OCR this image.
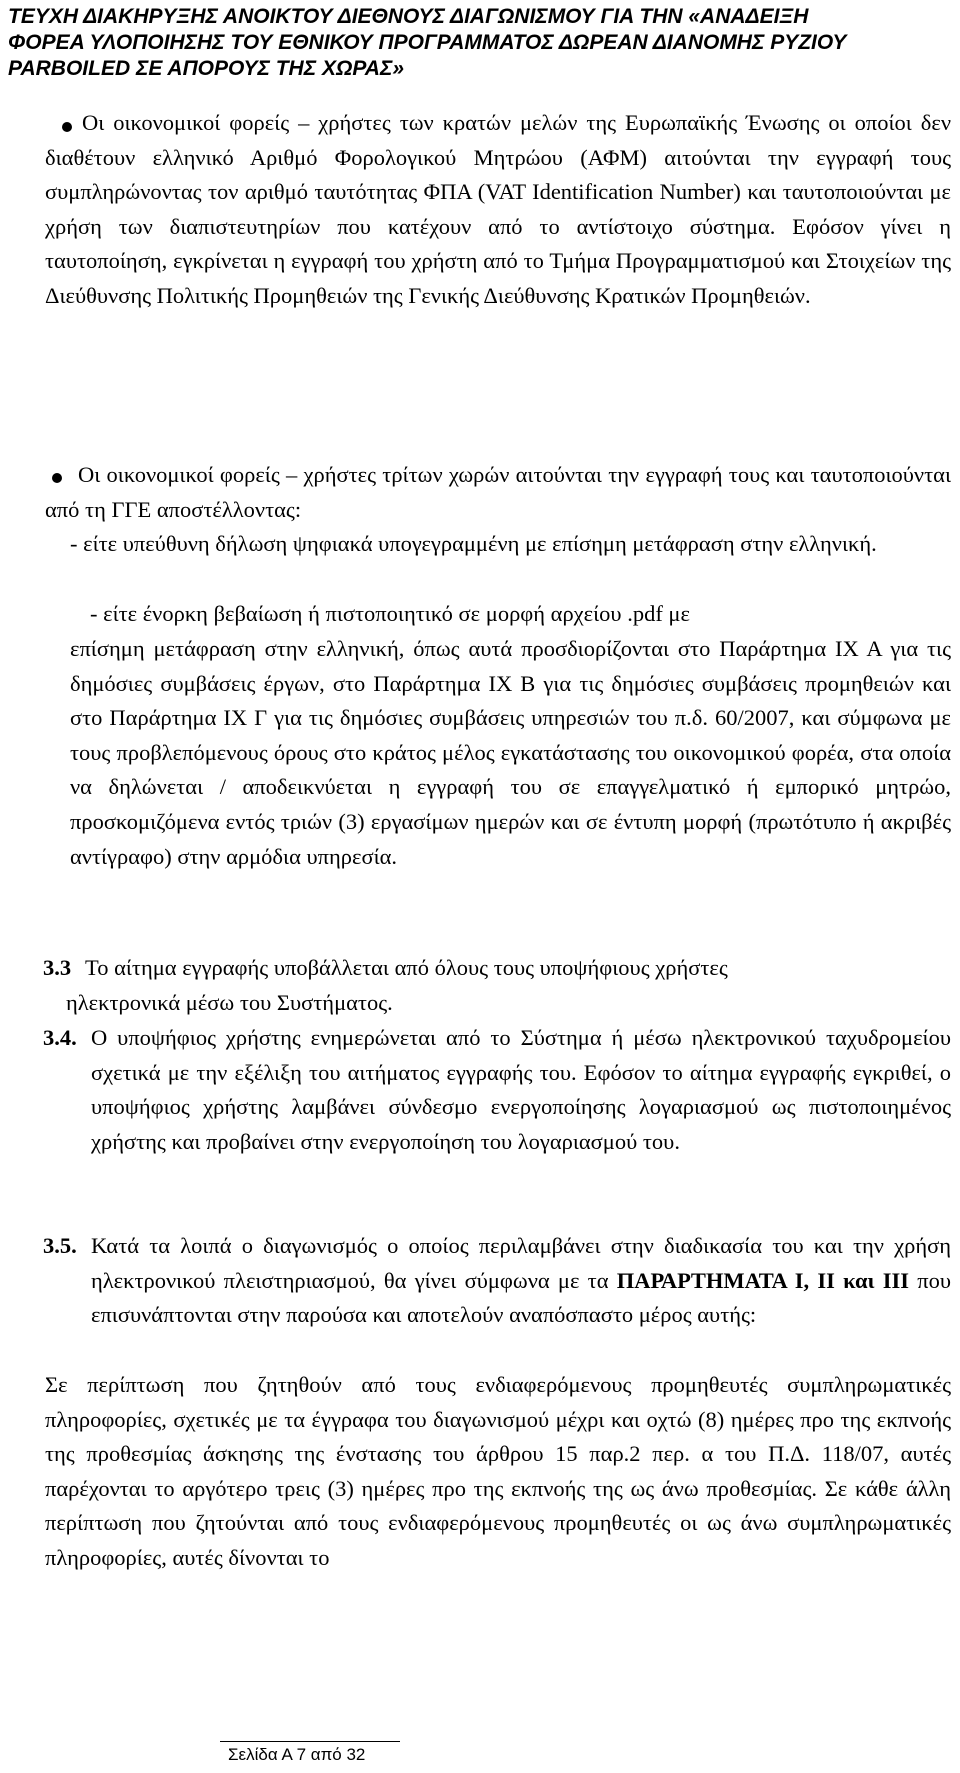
ΤΕΥΧΗ ΔΙΑΚΗΡΥΞΗΣ ΑΝΟΙΚΤΟΥ ΔΙΕΘΝΟΥΣ ΔΙΑΓΩΝΙΣΜΟΥ ΓΙΑ ΤΗΝ «ΑΝΑΔΕΙΞΗ
ΦΟΡΕΑ ΥΛΟΠΟΙΗΣΗΣ ΤΟΥ ΕΘΝΙΚΟΥ ΠΡΟΓΡΑΜΜΑΤΟΣ ΔΩΡΕΑΝ ΔΙΑΝΟΜΗΣ ΡΥΖΙΟΥ
PARBOILED ΣΕ ΑΠΟΡΟΥΣ ΤΗΣ ΧΩΡΑΣ»
Οι οικονομικοί φορείς – χρήστες των κρατών μελών της Ευρωπαϊκής Ένωσης οι οποίοι δεν διαθέτουν ελληνικό Αριθμό Φορολογικού Μητρώου (ΑΦΜ) αιτούνται την εγγραφή τους συμπληρώνοντας τον αριθμό ταυτότητας ΦΠΑ (VAT Identification Number) και ταυτοποιούνται με χρήση των διαπιστευτηρίων που κατέχουν από το αντίστοιχο σύστημα. Εφόσον γίνει η ταυτοποίηση, εγκρίνεται η εγγραφή του χρήστη από το Τμήμα Προγραμματισμού και Στοιχείων της Διεύθυνσης Πολιτικής Προμηθειών της Γενικής Διεύθυνσης Κρατικών Προμηθειών.
Οι οικονομικοί φορείς – χρήστες τρίτων χωρών αιτούνται την εγγραφή τους και ταυτοποιούνται από τη ΓΓΕ αποστέλλοντας:
- είτε υπεύθυνη δήλωση ψηφιακά υπογεγραμμένη με επίσημη μετάφραση στην ελληνική.
- είτε ένορκη βεβαίωση ή πιστοποιητικό σε μορφή αρχείου .pdf με
επίσημη μετάφραση στην ελληνική, όπως αυτά προσδιορίζονται στο Παράρτημα ΙΧ Α για τις δημόσιες συμβάσεις έργων, στο Παράρτημα ΙΧ Β για τις δημόσιες συμβάσεις προμηθειών και στο Παράρτημα ΙΧ Γ για τις δημόσιες συμβάσεις υπηρεσιών του π.δ. 60/2007, και σύμφωνα με τους προβλεπόμενους όρους στο κράτος μέλος εγκατάστασης του οικονομικού φορέα, στα οποία να δηλώνεται / αποδεικνύεται η εγγραφή του σε επαγγελματικό ή εμπορικό μητρώο, προσκομιζόμενα εντός τριών (3) εργασίμων ημερών και σε έντυπη μορφή (πρωτότυπο ή ακριβές αντίγραφο) στην αρμόδια υπηρεσία.
3.3 Το αίτημα εγγραφής υποβάλλεται από όλους τους υποψήφιους χρήστες
ηλεκτρονικά μέσω του Συστήματος.
3.4. Ο υποψήφιος χρήστης ενημερώνεται από το Σύστημα ή μέσω ηλεκτρονικού ταχυδρομείου σχετικά με την εξέλιξη του αιτήματος εγγραφής του. Εφόσον το αίτημα εγγραφής εγκριθεί, ο υποψήφιος χρήστης λαμβάνει σύνδεσμο ενεργοποίησης λογαριασμού ως πιστοποιημένος χρήστης και προβαίνει στην ενεργοποίηση του λογαριασμού του.
3.5. Κατά τα λοιπά ο διαγωνισμός ο οποίος περιλαμβάνει στην διαδικασία του και την χρήση ηλεκτρονικού πλειστηριασμού, θα γίνει σύμφωνα με τα ΠΑΡΑΡΤΗΜΑΤΑ Ι, ΙΙ και ΙΙΙ που επισυνάπτονται στην παρούσα και αποτελούν αναπόσπαστο μέρος αυτής:
Σε περίπτωση που ζητηθούν από τους ενδιαφερόμενους προμηθευτές συμπληρωματικές πληροφορίες, σχετικές με τα έγγραφα του διαγωνισμού μέχρι και οχτώ (8) ημέρες προ της εκπνοής της προθεσμίας άσκησης της ένστασης του άρθρου 15 παρ.2 περ. α του Π.Δ. 118/07, αυτές παρέχονται το αργότερο τρεις (3) ημέρες προ της εκπνοής της ως άνω προθεσμίας. Σε κάθε άλλη περίπτωση που ζητούνται από τους ενδιαφερόμενους προμηθευτές οι ως άνω συμπληρωματικές πληροφορίες, αυτές δίνονται το
Σελίδα Α 7 από 32
